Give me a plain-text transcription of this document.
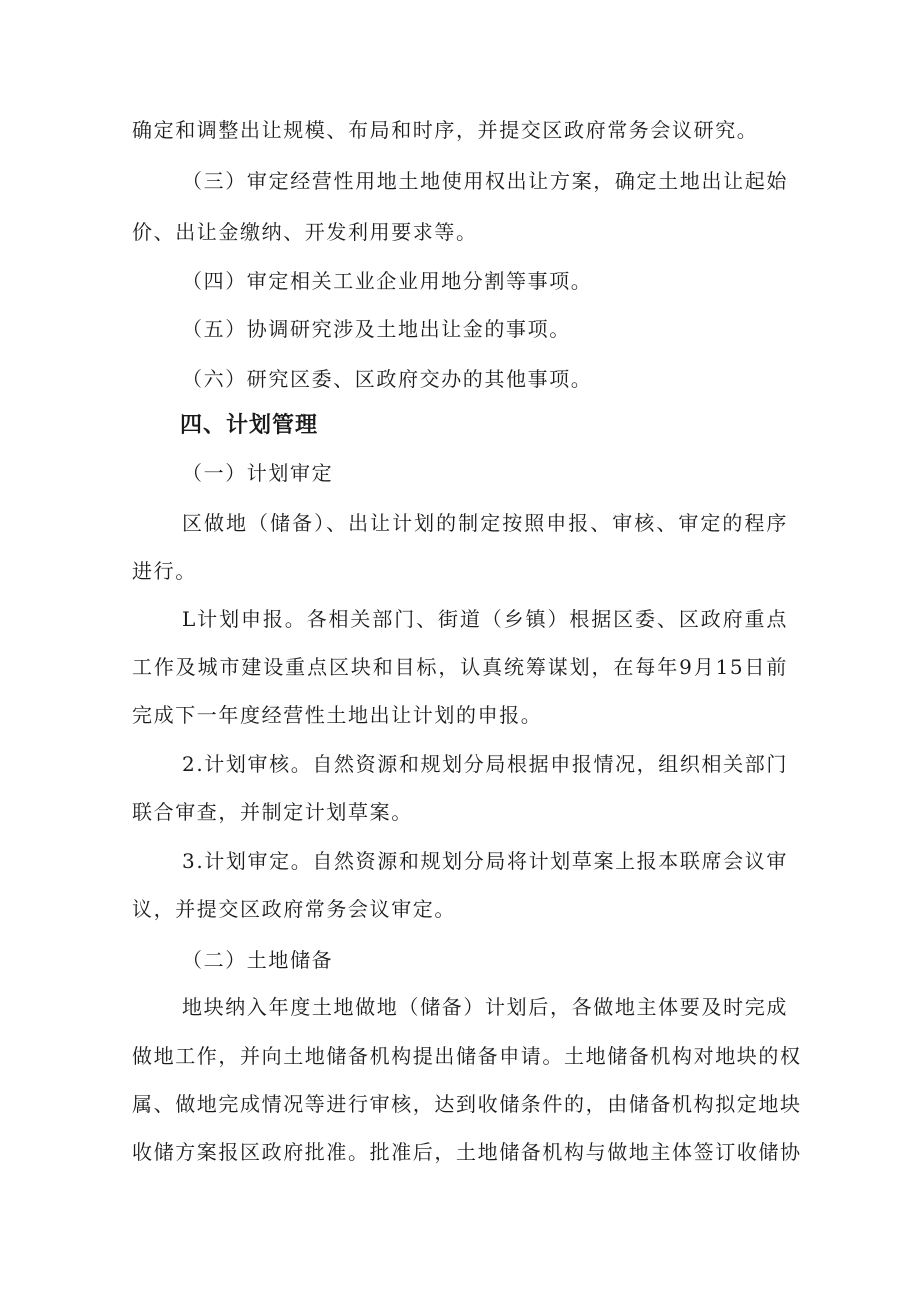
确定和调整出让规模、布局和时序，并提交区政府常务会议研究。
（三）审定经营性用地土地使用权出让方案，确定土地出让起始
价、出让金缴纳、开发利用要求等。
（四）审定相关工业企业用地分割等事项。
（五）协调研究涉及土地出让金的事项。
（六）研究区委、区政府交办的其他事项。
四、计划管理
（一）计划审定
区做地（储备）、出让计划的制定按照申报、审核、审定的程序
进行。
L计划申报。各相关部门、街道（乡镇）根据区委、区政府重点
工作及城市建设重点区块和目标，认真统筹谋划，在每年9月15日前
完成下一年度经营性土地出让计划的申报。
2.计划审核。自然资源和规划分局根据申报情况，组织相关部门
联合审查，并制定计划草案。
3.计划审定。自然资源和规划分局将计划草案上报本联席会议审
议，并提交区政府常务会议审定。
（二）土地储备
地块纳入年度土地做地（储备）计划后，各做地主体要及时完成
做地工作，并向土地储备机构提出储备申请。土地储备机构对地块的权
属、做地完成情况等进行审核，达到收储条件的，由储备机构拟定地块
收储方案报区政府批准。批准后，土地储备机构与做地主体签订收储协
